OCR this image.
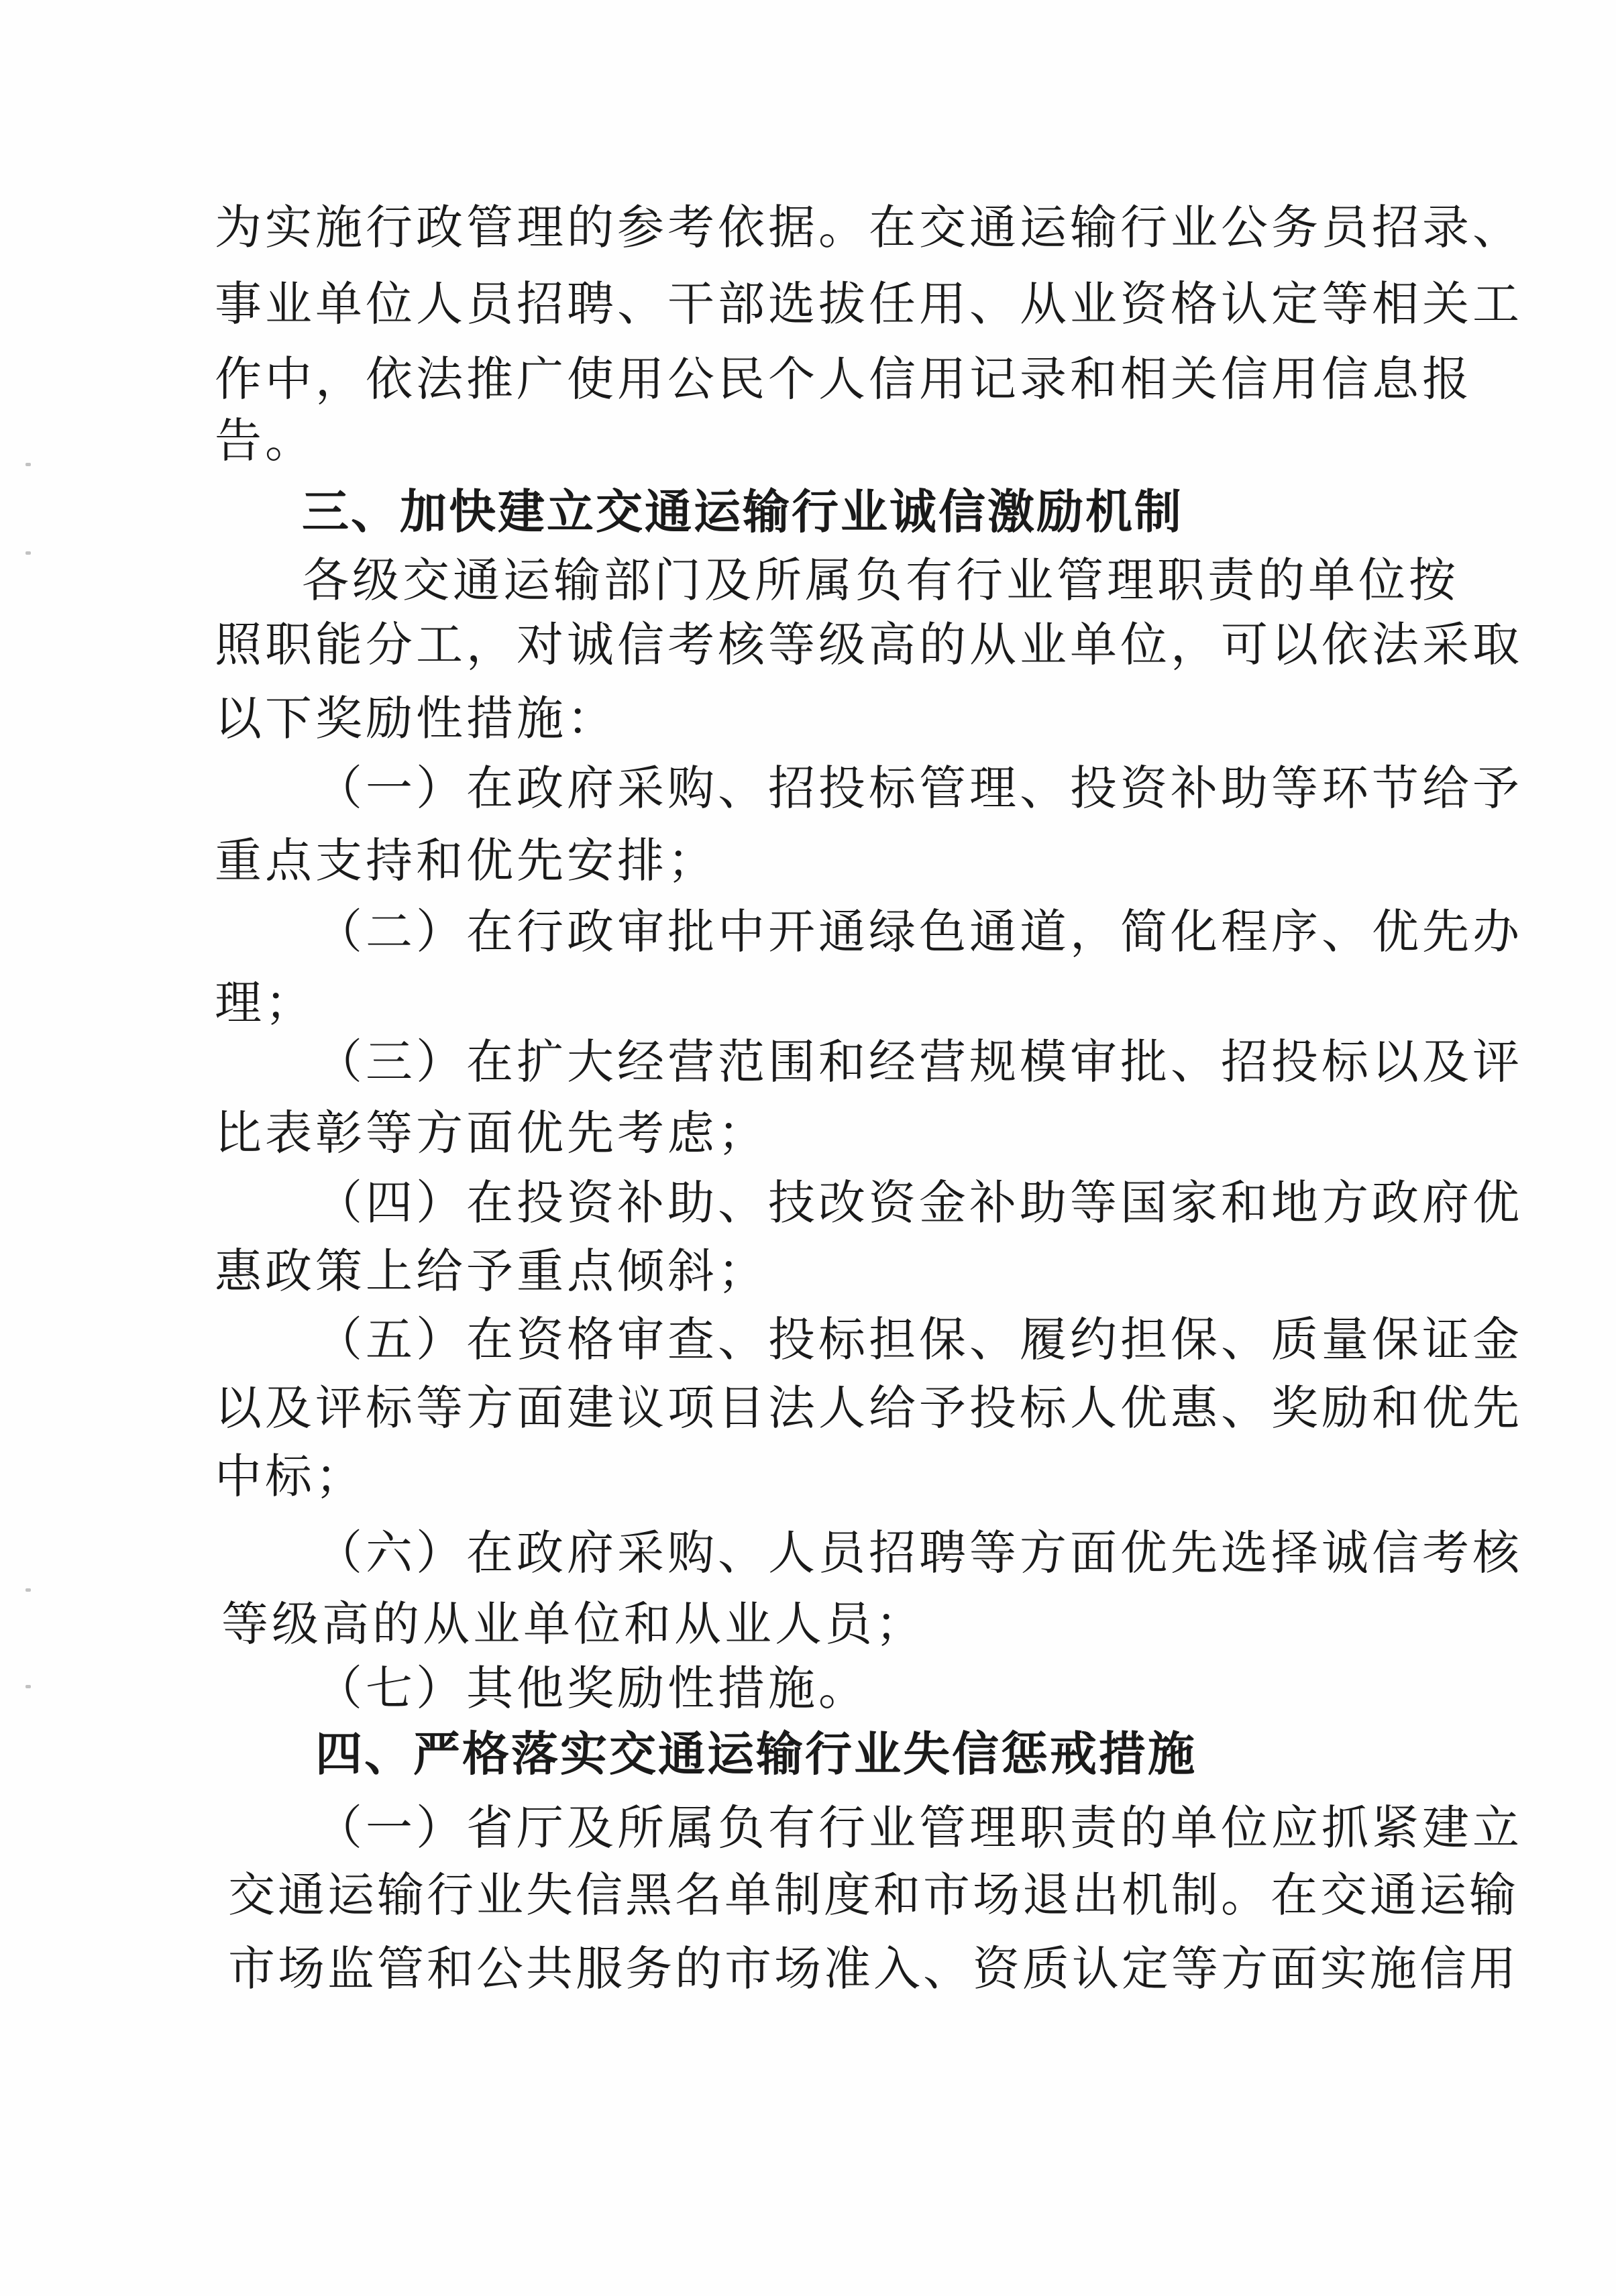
为实施行政管理的参考依据。在交通运输行业公务员招录、
事业单位人员招聘、干部选拔任用、从业资格认定等相关工
作中，依法推广使用公民个人信用记录和相关信用信息报
告。
三、加快建立交通运输行业诚信激励机制
各级交通运输部门及所属负有行业管理职责的单位按
照职能分工，对诚信考核等级高的从业单位，可以依法采取
以下奖励性措施：
（一）在政府采购、招投标管理、投资补助等环节给予
重点支持和优先安排；
（二）在行政审批中开通绿色通道，简化程序、优先办
理；
（三）在扩大经营范围和经营规模审批、招投标以及评
比表彰等方面优先考虑；
（四）在投资补助、技改资金补助等国家和地方政府优
惠政策上给予重点倾斜；
（五）在资格审查、投标担保、履约担保、质量保证金
以及评标等方面建议项目法人给予投标人优惠、奖励和优先
中标；
（六）在政府采购、人员招聘等方面优先选择诚信考核
等级高的从业单位和从业人员；
（七）其他奖励性措施。
四、严格落实交通运输行业失信惩戒措施
（一）省厅及所属负有行业管理职责的单位应抓紧建立
交通运输行业失信黑名单制度和市场退出机制。在交通运输
市场监管和公共服务的市场准入、资质认定等方面实施信用
